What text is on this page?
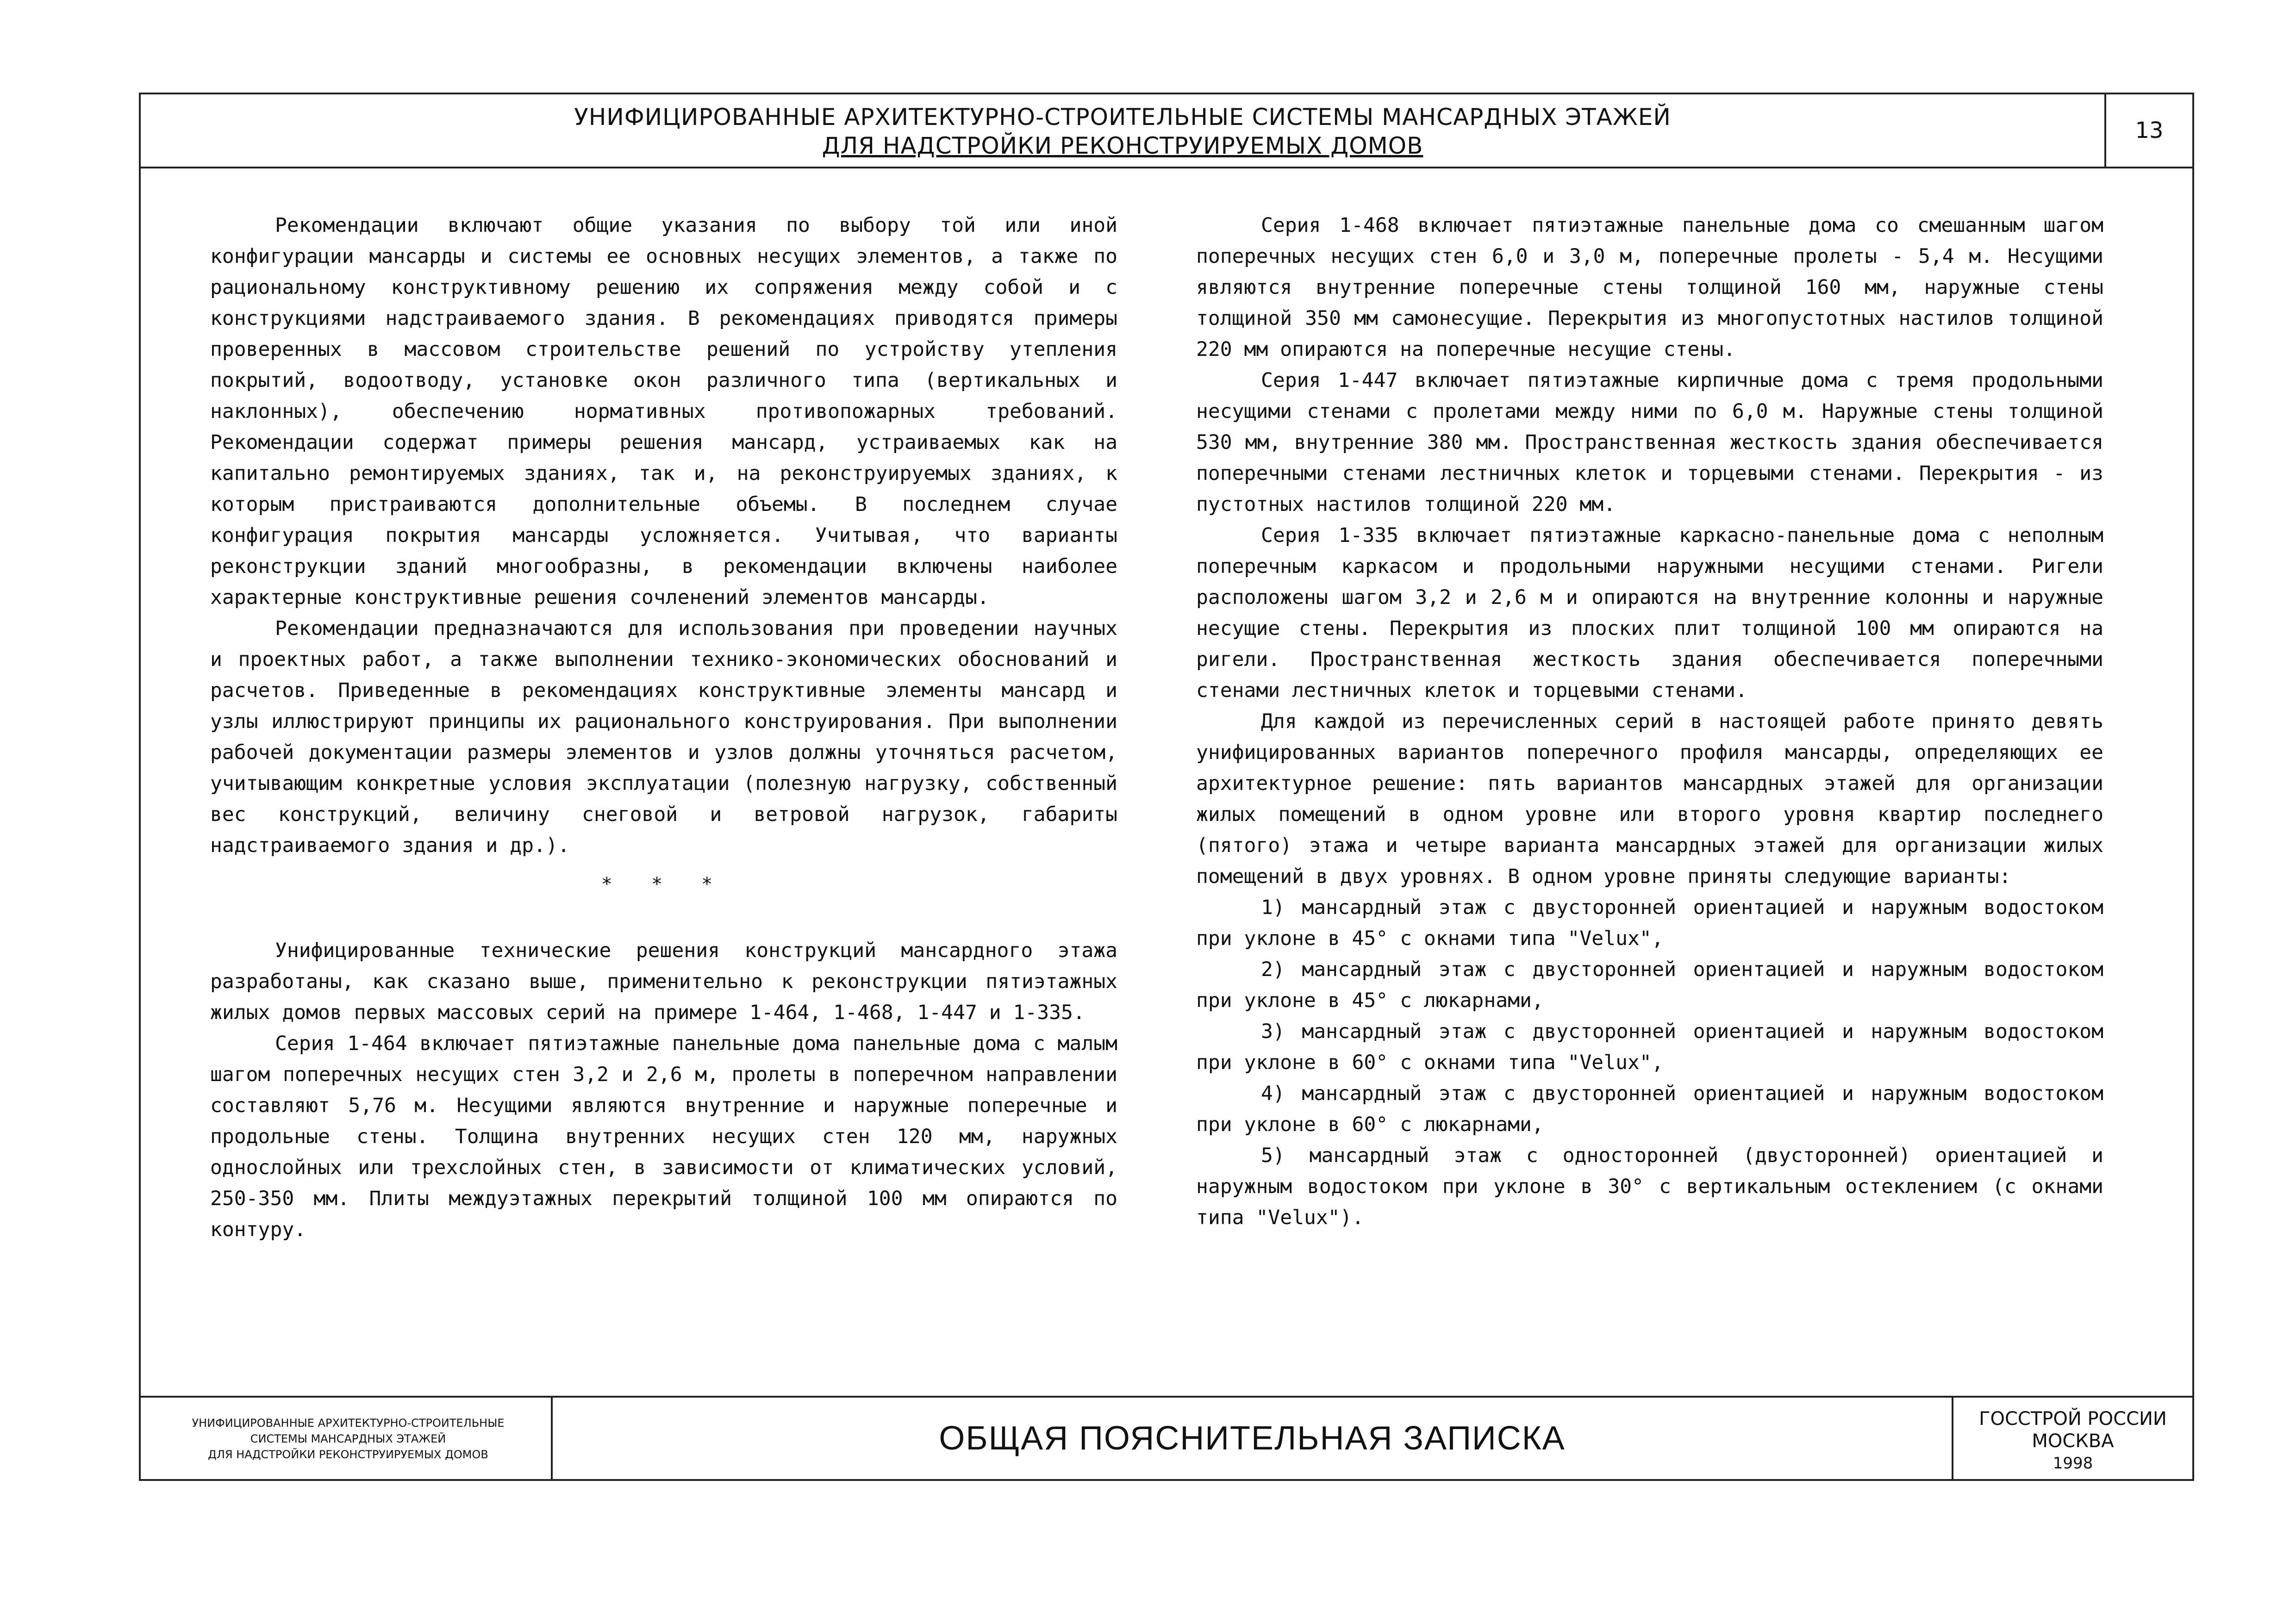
УНИФИЦИРОВАННЫЕ АРХИТЕКТУРНО-СТРОИТЕЛЬНЫЕ СИСТЕМЫ МАНСАРДНЫХ ЭТАЖЕЙ
ДЛЯ НАДСТРОЙКИ РЕКОНСТРУИРУЕМЫХ ДОМОВ
13

Рекомендации включают общие указания по выбору той или иной конфигурации мансарды и системы ее основных несущих элементов, а также по рациональному конструктивному решению их сопряжения между собой и с конструкциями надстраиваемого здания. В рекомендациях приводятся примеры проверенных в массовом строительстве решений по устройству утепления покрытий, водоотводу, установке окон различного типа (вертикальных и наклонных), обеспечению нормативных противопожарных требований. Рекомендации содержат примеры решения мансард, устраиваемых как на капитально ремонтируемых зданиях, так и, на реконструируемых зданиях, к которым пристраиваются дополнительные объемы. В последнем случае конфигурация покрытия мансарды усложняется. Учитывая, что варианты реконструкции зданий многообразны, в рекомендации включены наиболее характерные конструктивные решения сочленений элементов мансарды.

Рекомендации предназначаются для использования при проведении научных и проектных работ, а также выполнении технико-экономических обоснований и расчетов. Приведенные в рекомендациях конструктивные элементы мансард и узлы иллюстрируют принципы их рационального конструирования. При выполнении рабочей документации размеры элементов и узлов должны уточняться расчетом, учитывающим конкретные условия эксплуатации (полезную нагрузку, собственный вес конструкций, величину снеговой и ветровой нагрузок, габариты надстраиваемого здания и др.).

* * *

Унифицированные технические решения конструкций мансардного этажа разработаны, как сказано выше, применительно к реконструкции пятиэтажных жилых домов первых массовых серий на примере 1-464, 1-468, 1-447 и 1-335.

Серия 1-464 включает пятиэтажные панельные дома панельные дома с малым шагом поперечных несущих стен 3,2 и 2,6 м, пролеты в поперечном направлении составляют 5,76 м. Несущими являются внутренние и наружные поперечные и продольные стены. Толщина внутренних несущих стен 120 мм, наружных однослойных или трехслойных стен, в зависимости от климатических условий, 250-350 мм. Плиты междуэтажных перекрытий толщиной 100 мм опираются по контуру.

Серия 1-468 включает пятиэтажные панельные дома со смешанным шагом поперечных несущих стен 6,0 и 3,0 м, поперечные пролеты - 5,4 м. Несущими являются внутренние поперечные стены толщиной 160 мм, наружные стены толщиной 350 мм самонесущие. Перекрытия из многопустотных настилов толщиной 220 мм опираются на поперечные несущие стены.

Серия 1-447 включает пятиэтажные кирпичные дома с тремя продольными несущими стенами с пролетами между ними по 6,0 м. Наружные стены толщиной 530 мм, внутренние 380 мм. Пространственная жесткость здания обеспечивается поперечными стенами лестничных клеток и торцевыми стенами. Перекрытия - из пустотных настилов толщиной 220 мм.

Серия 1-335 включает пятиэтажные каркасно-панельные дома с неполным поперечным каркасом и продольными наружными несущими стенами. Ригели расположены шагом 3,2 и 2,6 м и опираются на внутренние колонны и наружные несущие стены. Перекрытия из плоских плит толщиной 100 мм опираются на ригели. Пространственная жесткость здания обеспечивается поперечными стенами лестничных клеток и торцевыми стенами.

Для каждой из перечисленных серий в настоящей работе принято девять унифицированных вариантов поперечного профиля мансарды, определяющих ее архитектурное решение: пять вариантов мансардных этажей для организации жилых помещений в одном уровне или второго уровня квартир последнего (пятого) этажа и четыре варианта мансардных этажей для организации жилых помещений в двух уровнях. В одном уровне приняты следующие варианты:

1) мансардный этаж с двусторонней ориентацией и наружным водостоком при уклоне в 45° с окнами типа "Velux",

2) мансардный этаж с двусторонней ориентацией и наружным водостоком при уклоне в 45° с люкарнами,

3) мансардный этаж с двусторонней ориентацией и наружным водостоком при уклоне в 60° с окнами типа "Velux",

4) мансардный этаж с двусторонней ориентацией и наружным водостоком при уклоне в 60° с люкарнами,

5) мансардный этаж с односторонней (двусторонней) ориентацией и наружным водостоком при уклоне в 30° с вертикальным остеклением (с окнами типа "Velux").

УНИФИЦИРОВАННЫЕ АРХИТЕКТУРНО-СТРОИТЕЛЬНЫЕ
СИСТЕМЫ МАНСАРДНЫХ ЭТАЖЕЙ
ДЛЯ НАДСТРОЙКИ РЕКОНСТРУИРУЕМЫХ ДОМОВ	ОБЩАЯ ПОЯСНИТЕЛЬНАЯ ЗАПИСКА
ГОССТРОЙ РОССИИ
МОСКВА
1998
